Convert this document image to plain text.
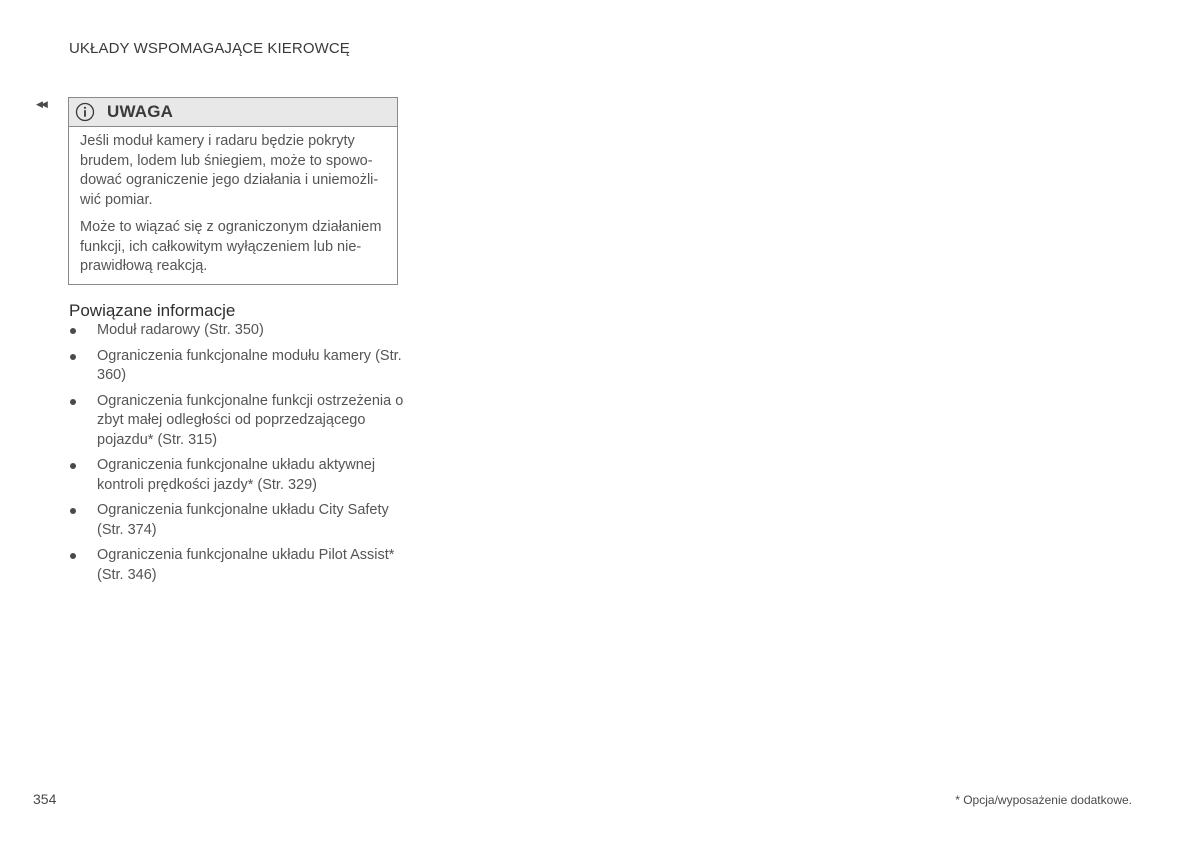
UKŁADY WSPOMAGAJĄCE KIEROWCĘ
◀◀	UWAGA

Jeśli moduł kamery i radaru będzie pokryty brudem, lodem lub śniegiem, może to spowodować ograniczenie jego działania i uniemożliwić pomiar.

Może to wiązać się z ograniczonym działaniem funkcji, ich całkowitym wyłączeniem lub nieprawidłową reakcją.

Powiązane informacje
Moduł radarowy (Str. 350)
Ograniczenia funkcjonalne modułu kamery (Str. 360)
Ograniczenia funkcjonalne funkcji ostrzeżenia o zbyt małej odległości od poprzedzającego pojazdu* (Str. 315)
Ograniczenia funkcjonalne układu aktywnej kontroli prędkości jazdy* (Str. 329)
Ograniczenia funkcjonalne układu City Safety (Str. 374)
Ograniczenia funkcjonalne układu Pilot Assist* (Str. 346)
354	* Opcja/wyposażenie dodatkowe.
